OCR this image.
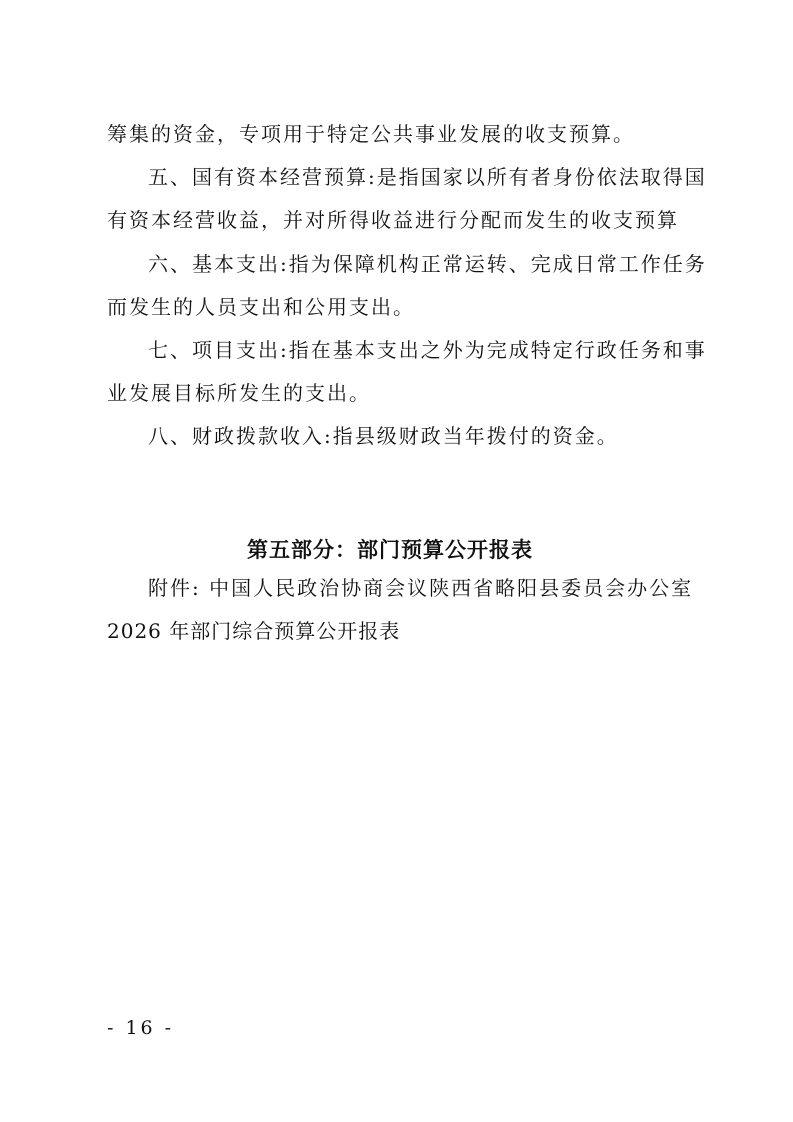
筹集的资金，专项用于特定公共事业发展的收支预算。
五、国有资本经营预算:是指国家以所有者身份依法取得国
有资本经营收益，并对所得收益进行分配而发生的收支预算
六、基本支出:指为保障机构正常运转、完成日常工作任务
而发生的人员支出和公用支出。
七、项目支出:指在基本支出之外为完成特定行政任务和事
业发展目标所发生的支出。
八、财政拨款收入:指县级财政当年拨付的资金。
第五部分：部门预算公开报表
附件: 中国人民政治协商会议陕西省略阳县委员会办公室
2026 年部门综合预算公开报表
- 16 -
